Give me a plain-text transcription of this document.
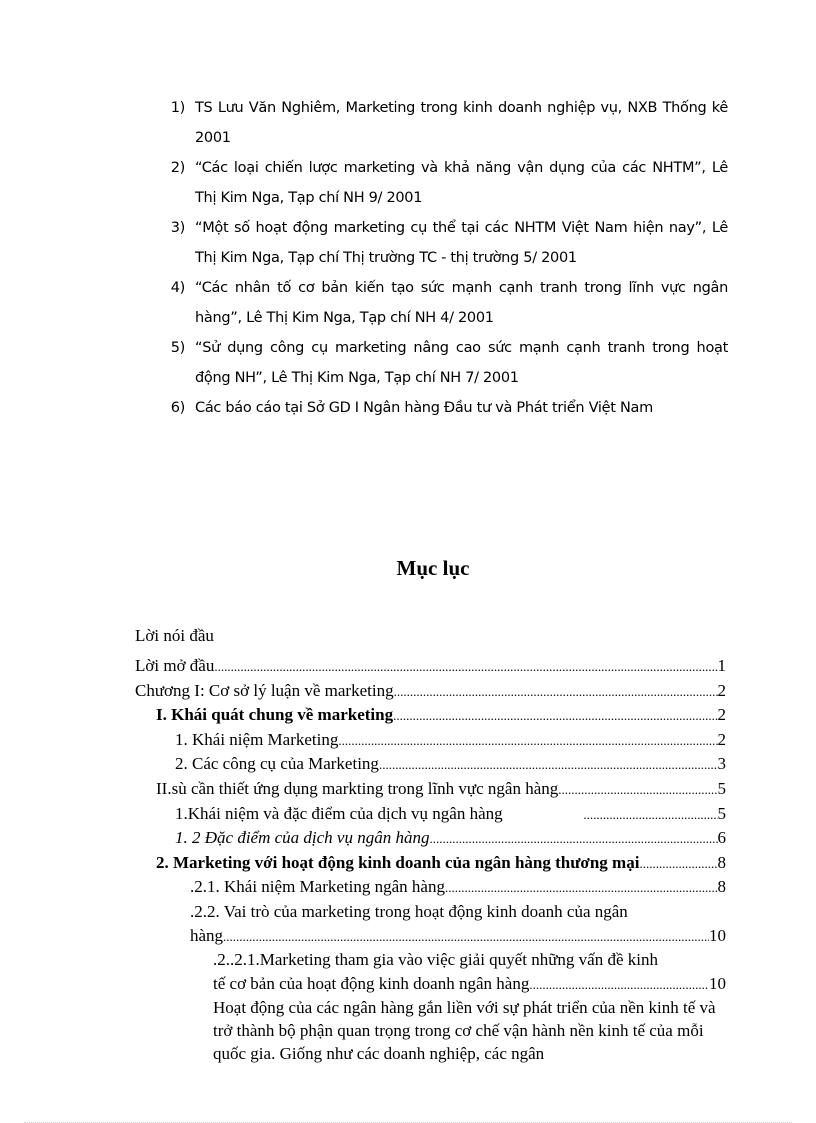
1) TS Lưu Văn Nghiêm, Marketing trong kinh doanh nghiệp vụ, NXB Thống kê 2001
2) “Các loại chiến lược marketing và khả năng vận dụng của các NHTM”, Lê Thị Kim Nga, Tạp chí NH 9/ 2001
3) “Một số hoạt động marketing cụ thể tại các NHTM Việt Nam hiện nay”, Lê Thị Kim Nga, Tạp chí Thị trường TC - thị trường 5/ 2001
4) “Các nhân tố cơ bản kiến tạo sức mạnh cạnh tranh trong lĩnh vực ngân hàng”, Lê Thị Kim Nga, Tạp chí NH 4/ 2001
5) “Sử dụng công cụ marketing nâng cao sức mạnh cạnh tranh trong hoạt động NH”, Lê Thị Kim Nga, Tạp chí NH 7/ 2001
6) Các báo cáo tại Sở GD I Ngân hàng Đầu tư và Phát triển Việt Nam
Mục lục
Lời nói đầu
Lời mở đầu .....	1
Chương I: Cơ sở lý luận về marketing .....	2
I. Khái quát chung về marketing .....	2
1. Khái niệm Marketing .....	2
2. Các công cụ của Marketing .....	3
II.sù cần thiết ứng dụng markting trong lĩnh vực ngân hàng .....	5
1.Khái niệm và đặc điểm của dịch vụ ngân hàng .....	5
1. 2 Đặc điểm của dịch vụ ngân hàng .....	6
2. Marketing với hoạt động kinh doanh của ngân hàng thương mại .....	8
.2.1. Khái niệm Marketing ngân hàng .....	8
.2.2. Vai trò của marketing trong hoạt động kinh doanh của ngân
hàng .....	10
.2..2.1.Marketing tham gia vào việc giải quyết những vấn đề kinh
tế cơ bản của hoạt động kinh doanh ngân hàng .....	10
Hoạt động của các ngân hàng gắn liền với sự phát triển của nền kinh tế và trở thành bộ phận quan trọng trong cơ chế vận hành nền kinh tế của mỗi quốc gia. Giống như các doanh nghiệp, các ngân
